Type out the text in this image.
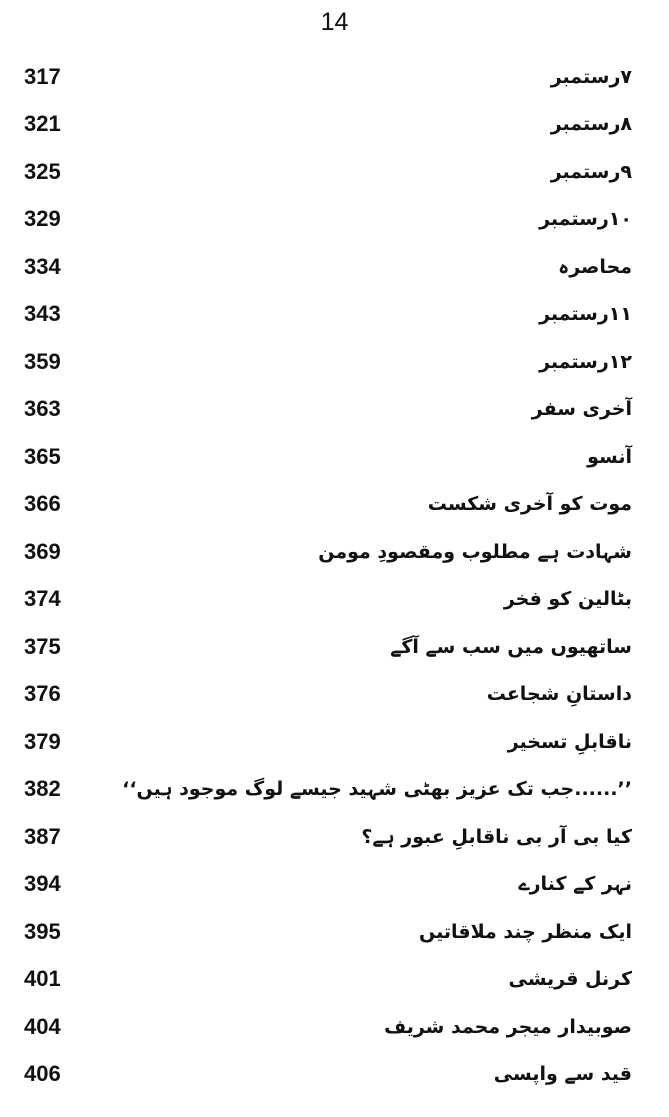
14
317	۷رستمبر
321	۸رستمبر
325	۹رستمبر
329	۱۰رستمبر
334	محاصرہ
343	۱۱رستمبر
359	۱۲رستمبر
363	آخری سفر
365	آنسو
366	موت کو آخری شکست
369	شہادت ہے مطلوب ومقصودِ مومن
374	بٹالین کو فخر
375	ساتھیوں میں سب سے آگے
376	داستانِ شجاعت
379	ناقابلِ تسخیر
382	’’......جب تک عزیز بھٹی شہید جیسے لوگ موجود ہیں‘‘
387	کیا بی آر بی ناقابلِ عبور ہے؟
394	نہر کے کنارے
395	ایک منظر چند ملاقاتیں
401	کرنل قریشی
404	صوبیدار میجر محمد شریف
406	قید سے واپسی
